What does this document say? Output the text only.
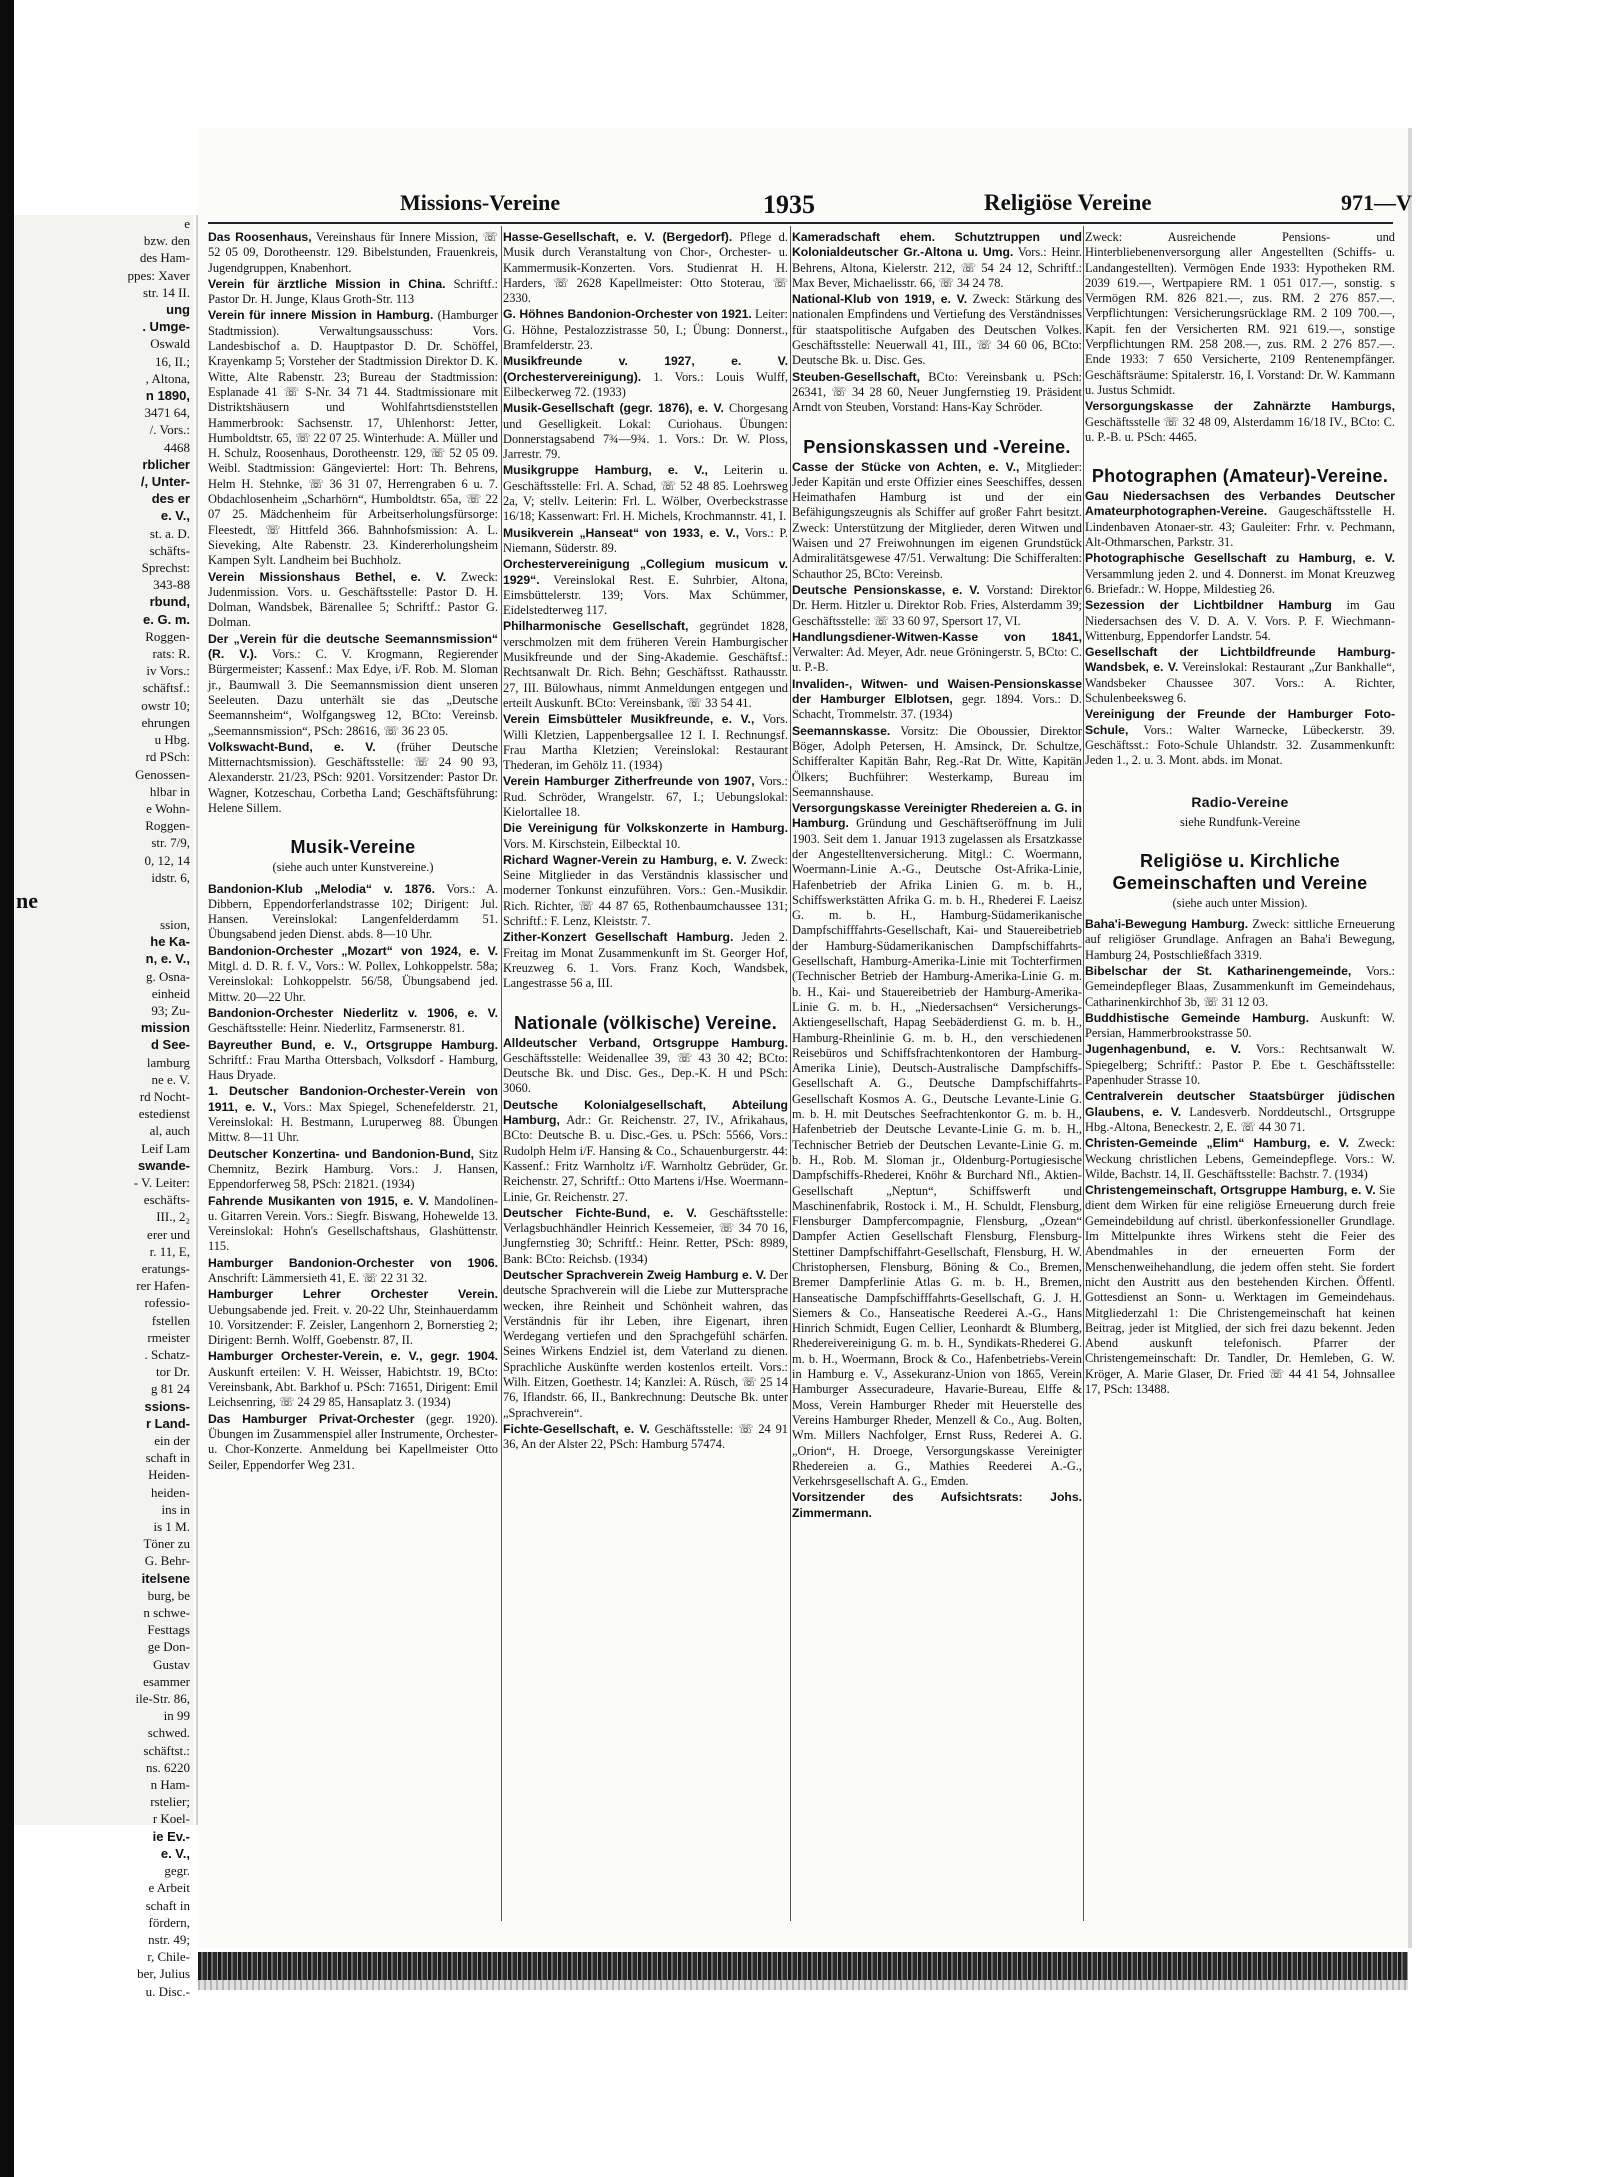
e
bzw. den
des Ham-
ppes: Xaver
str. 14 II.
ung
. Umge-
Oswald
16, II.;
, Altona,
n 1890,
3471 64,
/. Vors.:
4468
rblicher
/, Unter-
des er
e. V.,
st. a. D.
schäfts-
Sprechst:
343-88
rbund,
e. G. m.
Roggen-
rats: R.
iv Vors.:
schäftsf.:
owstr 10;
ehrungen
u Hbg.
rd PSch:
Genossen-
hlbar in
e Wohn-
Roggen-
str. 7/9,
0, 12, 14
idstr. 6,
ne
ssion,
he Ka-
n, e. V.,
g. Osna-
einheid
93; Zu-
mission
d See-
lamburg
ne e. V.
rd Nocht-
estedienst
al, auch
Leif Lam
swande-
- V. Leiter:
eschäfts-
III., 2₂
erer und
r. 11, E,
eratungs-
rer Hafen-
rofessio-
fstellen
rmeister
. Schatz-
tor Dr.
g 81 24
ssions-
r Land-
ein der
schaft in
Heiden-
heiden-
ins in
is 1 M.
Töner zu
G. Behr-
itelsene
burg, be
n schwe-
Festtags
ge Don-
Gustav
esammer
ile-Str. 86,
in 99
schwed.
schäftst.:
ns. 6220
n Ham-
rstelier;
r Koel-
ie Ev.-
e. V.,
gegr.
e Arbeit
schaft in
fördern,
nstr. 49;
r, Chile-
ber, Julius
u. Disc.-
Missions-Vereine	1935	Religiöse Vereine	971—V
Das Roosenhaus, Vereinshaus für Innere Mission, ☏ 52 05 09, Dorotheenstr. 129. Bibelstunden, Frauenkreis, Jugendgruppen, Knabenhort.
Verein für ärztliche Mission in China. Schriftf.: Pastor Dr. H. Junge, Klaus Groth-Str. 113
Verein für innere Mission in Hamburg. (Hamburger Stadtmission). Verwaltungsausschuss: Vors. Landesbischof a. D. Hauptpastor D. Dr. Schöffel, Krayenkamp 5; Vorsteher der Stadtmission Direktor D. K. Witte, Alte Rabenstr. 23; Bureau der Stadtmission: Esplanade 41 ☏ S-Nr. 34 71 44. Stadtmissionare mit Distriktshäusern und Wohlfahrtsdienststellen Hammerbrook: Sachsenstr. 17, Uhlenhorst: Jetter, Humboldtstr. 65, ☏ 22 07 25. Winterhude: A. Müller und H. Schulz, Roosenhaus, Dorotheenstr. 129, ☏ 52 05 09. Weibl. Stadtmission: Gängeviertel: Hort: Th. Behrens, Helm H. Stehnke, ☏ 36 31 07, Herrengraben 6 u. 7. Obdachlosenheim „Scharhörn“, Humboldtstr. 65a, ☏ 22 07 25. Mädchenheim für Arbeitserholungsfürsorge: Fleestedt, ☏ Hittfeld 366. Bahnhofsmission: A. L. Sieveking, Alte Rabenstr. 23. Kindererholungsheim Kampen Sylt. Landheim bei Buchholz.
Verein Missionshaus Bethel, e. V. Zweck: Judenmission. Vors. u. Geschäftsstelle: Pastor D. H. Dolman, Wandsbek, Bärenallee 5; Schriftf.: Pastor G. Dolman.
Der „Verein für die deutsche Seemannsmission“ (R. V.). Vors.: C. V. Krogmann, Regierender Bürgermeister; Kassenf.: Max Edye, i/F. Rob. M. Sloman jr., Baumwall 3. Die Seemannsmission dient unseren Seeleuten. Dazu unterhält sie das „Deutsche Seemannsheim“, Wolfgangsweg 12, BCto: Vereinsb. „Seemannsmission“, PSch: 28616, ☏ 36 23 05.
Volkswacht-Bund, e. V. (früher Deutsche Mitternachtsmission). Geschäftsstelle: ☏ 24 90 93, Alexanderstr. 21/23, PSch: 9201. Vorsitzender: Pastor Dr. Wagner, Kotzeschau, Corbetha Land; Geschäftsführung: Helene Sillem.
Musik-Vereine
(siehe auch unter Kunstvereine.)
Bandonion-Klub „Melodia“ v. 1876. Vors.: A. Dibbern, Eppendorferlandstrasse 102; Dirigent: Jul. Hansen. Vereinslokal: Langenfelderdamm 51. Übungsabend jeden Dienst. abds. 8—10 Uhr.
Bandonion-Orchester „Mozart“ von 1924, e. V. Mitgl. d. D. R. f. V., Vors.: W. Pollex, Lohkoppelstr. 58a; Vereinslokal: Lohkoppelstr. 56/58, Übungsabend jed. Mittw. 20—22 Uhr.
Bandonion-Orchester Niederlitz v. 1906, e. V. Geschäftsstelle: Heinr. Niederlitz, Farmsenerstr. 81.
Bayreuther Bund, e. V., Ortsgruppe Hamburg. Schriftf.: Frau Martha Ottersbach, Volksdorf - Hamburg, Haus Dryade.
1. Deutscher Bandonion-Orchester-Verein von 1911, e. V., Vors.: Max Spiegel, Schenefelderstr. 21, Vereinslokal: H. Bestmann, Luruperweg 88. Übungen Mittw. 8—11 Uhr.
Deutscher Konzertina- und Bandonion-Bund, Sitz Chemnitz, Bezirk Hamburg. Vors.: J. Hansen, Eppendorferweg 58, PSch: 21821. (1934)
Fahrende Musikanten von 1915, e. V. Mandolinen- u. Gitarren Verein. Vors.: Siegfr. Biswang, Hohewelde 13. Vereinslokal: Hohn's Gesellschaftshaus, Glashüttenstr. 115.
Hamburger Bandonion-Orchester von 1906. Anschrift: Lämmersieth 41, E. ☏ 22 31 32.
Hamburger Lehrer Orchester Verein. Uebungsabende jed. Freit. v. 20-22 Uhr, Steinhauerdamm 10. Vorsitzender: F. Zeisler, Langenhorn 2, Bornerstieg 2; Dirigent: Bernh. Wolff, Goebenstr. 87, II.
Hamburger Orchester-Verein, e. V., gegr. 1904. Auskunft erteilen: V. H. Weisser, Habichtstr. 19, BCto: Vereinsbank, Abt. Barkhof u. PSch: 71651, Dirigent: Emil Leichsenring, ☏ 24 29 85, Hansaplatz 3. (1934)
Das Hamburger Privat-Orchester (gegr. 1920). Übungen im Zusammenspiel aller Instrumente, Orchester- u. Chor-Konzerte. Anmeldung bei Kapellmeister Otto Seiler, Eppendorfer Weg 231.
Hasse-Gesellschaft, e. V. (Bergedorf). Pflege d. Musik durch Veranstaltung von Chor-, Orchester- u. Kammermusik-Konzerten. Vors. Studienrat H. H. Harders, ☏ 2628 Kapellmeister: Otto Stoterau, ☏ 2330.
G. Höhnes Bandonion-Orchester von 1921. Leiter: G. Höhne, Pestalozzistrasse 50, I.; Übung: Donnerst., Bramfelderstr. 23.
Musikfreunde v. 1927, e. V. (Orchestervereinigung). 1. Vors.: Louis Wulff, Eilbeckerweg 72. (1933)
Musik-Gesellschaft (gegr. 1876), e. V. Chorgesang und Geselligkeit. Lokal: Curiohaus. Übungen: Donnerstagsabend 7¾—9¾. 1. Vors.: Dr. W. Ploss, Jarrestr. 79.
Musikgruppe Hamburg, e. V., Leiterin u. Geschäftsstelle: Frl. A. Schad, ☏ 52 48 85. Loehrsweg 2a, V; stellv. Leiterin: Frl. L. Wölber, Overbeckstrasse 16/18; Kassenwart: Frl. H. Michels, Krochmannstr. 41, I.
Musikverein „Hanseat“ von 1933, e. V., Vors.: P. Niemann, Süderstr. 89.
Orchestervereinigung „Collegium musicum v. 1929“. Vereinslokal Rest. E. Suhrbier, Altona, Eimsbüttelerstr. 139; Vors. Max Schümmer, Eidelstedterweg 117.
Philharmonische Gesellschaft, gegründet 1828, verschmolzen mit dem früheren Verein Hamburgischer Musikfreunde und der Sing-Akademie. Geschäftsf.: Rechtsanwalt Dr. Rich. Behn; Geschäftsst. Rathausstr. 27, III. Bülowhaus, nimmt Anmeldungen entgegen und erteilt Auskunft. BCto: Vereinsbank, ☏ 33 54 41.
Verein Eimsbütteler Musikfreunde, e. V., Vors. Willi Kletzien, Lappenbergsallee 12 I. I. Rechnungsf. Frau Martha Kletzien; Vereinslokal: Restaurant Thederan, im Gehölz 11. (1934)
Verein Hamburger Zitherfreunde von 1907, Vors.: Rud. Schröder, Wrangelstr. 67, I.; Uebungslokal: Kielortallee 18.
Die Vereinigung für Volkskonzerte in Hamburg. Vors. M. Kirschstein, Eilbecktal 10.
Richard Wagner-Verein zu Hamburg, e. V. Zweck: Seine Mitglieder in das Verständnis klassischer und moderner Tonkunst einzuführen. Vors.: Gen.-Musikdir. Rich. Richter, ☏ 44 87 65, Rothenbaumchaussee 131; Schriftf.: F. Lenz, Kleiststr. 7.
Zither-Konzert Gesellschaft Hamburg. Jeden 2. Freitag im Monat Zusammenkunft im St. Georger Hof, Kreuzweg 6. 1. Vors. Franz Koch, Wandsbek, Langestrasse 56 a, III.
Nationale (völkische) Vereine.
Alldeutscher Verband, Ortsgruppe Hamburg. Geschäftsstelle: Weidenallee 39, ☏ 43 30 42; BCto: Deutsche Bk. und Disc. Ges., Dep.-K. H und PSch: 3060.
Deutsche Kolonialgesellschaft, Abteilung Hamburg, Adr.: Gr. Reichenstr. 27, IV., Afrikahaus, BCto: Deutsche B. u. Disc.-Ges. u. PSch: 5566, Vors.: Rudolph Helm i/F. Hansing & Co., Schauenburgerstr. 44: Kassenf.: Fritz Warnholtz i/F. Warnholtz Gebrüder, Gr. Reichenstr. 27, Schriftf.: Otto Martens i/Hse. Woermann-Linie, Gr. Reichenstr. 27.
Deutscher Fichte-Bund, e. V. Geschäftsstelle: Verlagsbuchhändler Heinrich Kessemeier, ☏ 34 70 16, Jungfernstieg 30; Schriftf.: Heinr. Retter, PSch: 8989, Bank: BCto: Reichsb. (1934)
Deutscher Sprachverein Zweig Hamburg e. V. Der deutsche Sprachverein will die Liebe zur Muttersprache wecken, ihre Reinheit und Schönheit wahren, das Verständnis für ihr Leben, ihre Eigenart, ihren Werdegang vertiefen und den Sprachgefühl schärfen. Seines Wirkens Endziel ist, dem Vaterland zu dienen. Sprachliche Auskünfte werden kostenlos erteilt. Vors.: Wilh. Eitzen, Goethestr. 14; Kanzlei: A. Rüsch, ☏ 25 14 76, Iflandstr. 66, II., Bankrechnung: Deutsche Bk. unter „Sprachverein“.
Fichte-Gesellschaft, e. V. Geschäftsstelle: ☏ 24 91 36, An der Alster 22, PSch: Hamburg 57474.
Kameradschaft ehem. Schutztruppen und Kolonialdeutscher Gr.-Altona u. Umg. Vors.: Heinr. Behrens, Altona, Kielerstr. 212, ☏ 54 24 12, Schriftf.: Max Bever, Michaelisstr. 66, ☏ 34 24 78.
National-Klub von 1919, e. V. Zweck: Stärkung des nationalen Empfindens und Vertiefung des Verständnisses für staatspolitische Aufgaben des Deutschen Volkes. Geschäftsstelle: Neuerwall 41, III., ☏ 34 60 06, BCto: Deutsche Bk. u. Disc. Ges.
Steuben-Gesellschaft, BCto: Vereinsbank u. PSch: 26341, ☏ 34 28 60, Neuer Jungfernstieg 19. Präsident Arndt von Steuben, Vorstand: Hans-Kay Schröder.
Pensionskassen und -Vereine.
Casse der Stücke von Achten, e. V., Mitglieder: Jeder Kapitän und erste Offizier eines Seeschiffes, dessen Heimathafen Hamburg ist und der ein Befähigungszeugnis als Schiffer auf großer Fahrt besitzt. Zweck: Unterstützung der Mitglieder, deren Witwen und Waisen und 27 Freiwohnungen im eigenen Grundstück Admiralitätsgewese 47/51. Verwaltung: Die Schifferalten: Schauthor 25, BCto: Vereinsb.
Deutsche Pensionskasse, e. V. Vorstand: Direktor Dr. Herm. Hitzler u. Direktor Rob. Fries, Alsterdamm 39; Geschäftsstelle: ☏ 33 60 97, Spersort 17, VI.
Handlungsdiener-Witwen-Kasse von 1841, Verwalter: Ad. Meyer, Adr. neue Gröningerstr. 5, BCto: C. u. P.-B.
Invaliden-, Witwen- und Waisen-Pensionskasse der Hamburger Elblotsen, gegr. 1894. Vors.: D. Schacht, Trommelstr. 37. (1934)
Seemannskasse. Vorsitz: Die Oboussier, Direktor Böger, Adolph Petersen, H. Amsinck, Dr. Schultze, Schifferalter Kapitän Bahr, Reg.-Rat Dr. Witte, Kapitän Ölkers; Buchführer: Westerkamp, Bureau im Seemannshause.
Versorgungskasse Vereinigter Rhedereien a. G. in Hamburg. Gründung und Geschäftseröffnung im Juli 1903. Seit dem 1. Januar 1913 zugelassen als Ersatzkasse der Angestelltenversicherung. Mitgl.: C. Woermann, Woermann-Linie A.-G., Deutsche Ost-Afrika-Linie, Hafenbetrieb der Afrika Linien G. m. b. H., Schiffswerkstätten Afrika G. m. b. H., Rhederei F. Laeisz G. m. b. H., Hamburg-Südamerikanische Dampfschifffahrts-Gesellschaft, Kai- und Stauereibetrieb der Hamburg-Südamerikanischen Dampfschiffahrts-Gesellschaft, Hamburg-Amerika-Linie mit Tochterfirmen (Technischer Betrieb der Hamburg-Amerika-Linie G. m. b. H., Kai- und Stauereibetrieb der Hamburg-Amerika-Linie G. m. b. H., „Niedersachsen“ Versicherungs-Aktiengesellschaft, Hapag Seebäderdienst G. m. b. H., Hamburg-Rheinlinie G. m. b. H., den verschiedenen Reisebüros und Schiffsfrachtenkontoren der Hamburg-Amerika Linie), Deutsch-Australische Dampfschiffs-Gesellschaft A. G., Deutsche Dampfschiffahrts-Gesellschaft Kosmos A. G., Deutsche Levante-Linie G. m. b. H. mit Deutsches Seefrachtenkontor G. m. b. H., Hafenbetrieb der Deutsche Levante-Linie G. m. b. H., Technischer Betrieb der Deutschen Levante-Linie G. m. b. H., Rob. M. Sloman jr., Oldenburg-Portugiesische Dampfschiffs-Rhederei, Knöhr & Burchard Nfl., Aktien-Gesellschaft „Neptun“, Schiffswerft und Maschinenfabrik, Rostock i. M., H. Schuldt, Flensburg, Flensburger Dampfercompagnie, Flensburg, „Ozean“ Dampfer Actien Gesellschaft Flensburg, Flensburg-Stettiner Dampfschiffahrt-Gesellschaft, Flensburg, H. W. Christophersen, Flensburg, Böning & Co., Bremen, Bremer Dampferlinie Atlas G. m. b. H., Bremen, Hanseatische Dampfschifffahrts-Gesellschaft, G. J. H. Siemers & Co., Hanseatische Reederei A.-G., Hans Hinrich Schmidt, Eugen Cellier, Leonhardt & Blumberg, Rhedereivereinigung G. m. b. H., Syndikats-Rhederei G. m. b. H., Woermann, Brock & Co., Hafenbetriebs-Verein in Hamburg e. V., Assekuranz-Union von 1865, Verein Hamburger Assecuradeure, Havarie-Bureau, Elffe & Moss, Verein Hamburger Rheder mit Heuerstelle des Vereins Hamburger Rheder, Menzell & Co., Aug. Bolten, Wm. Millers Nachfolger, Ernst Russ, Rederei A. G. „Orion“, H. Droege, Versorgungskasse Vereinigter Rhedereien a. G., Mathies Reederei A.-G., Verkehrsgesellschaft A. G., Emden.
Vorsitzender des Aufsichtsrats: Johs. Zimmermann.
Zweck: Ausreichende Pensions- und Hinterbliebenenversorgung aller Angestellten (Schiffs- u. Landangestellten). Vermögen Ende 1933: Hypotheken RM. 2039 619.—, Wertpapiere RM. 1 051 017.—, sonstig. s Vermögen RM. 826 821.—, zus. RM. 2 276 857.—. Verpflichtungen: Versicherungsrücklage RM. 2 109 700.—, Kapit. fen der Versicherten RM. 921 619.—, sonstige Verpflichtungen RM. 258 208.—, zus. RM. 2 276 857.—. Ende 1933: 7 650 Versicherte, 2109 Rentenempfänger. Geschäftsräume: Spitalerstr. 16, I. Vorstand: Dr. W. Kammann u. Justus Schmidt.
Versorgungskasse der Zahnärzte Hamburgs, Geschäftsstelle ☏ 32 48 09, Alsterdamm 16/18 IV., BCto: C. u. P.-B. u. PSch: 4465.
Photographen (Amateur)-Vereine.
Gau Niedersachsen des Verbandes Deutscher Amateurphotographen-Vereine. Gaugeschäftsstelle H. Lindenbaven Atonaer-str. 43; Gauleiter: Frhr. v. Pechmann, Alt-Othmarschen, Parkstr. 31.
Photographische Gesellschaft zu Hamburg, e. V. Versammlung jeden 2. und 4. Donnerst. im Monat Kreuzweg 6. Briefadr.: W. Hoppe, Mildestieg 26.
Sezession der Lichtbildner Hamburg im Gau Niedersachsen des V. D. A. V. Vors. P. F. Wiechmann-Wittenburg, Eppendorfer Landstr. 54.
Gesellschaft der Lichtbildfreunde Hamburg-Wandsbek, e. V. Vereinslokal: Restaurant „Zur Bankhalle“, Wandsbeker Chaussee 307. Vors.: A. Richter, Schulenbeeksweg 6.
Vereinigung der Freunde der Hamburger Foto-Schule, Vors.: Walter Warnecke, Lübeckerstr. 39. Geschäftsst.: Foto-Schule Uhlandstr. 32. Zusammenkunft: Jeden 1., 2. u. 3. Mont. abds. im Monat.
Radio-Vereine
siehe Rundfunk-Vereine
Religiöse u. Kirchliche Gemeinschaften und Vereine
(siehe auch unter Mission).
Baha'i-Bewegung Hamburg. Zweck: sittliche Erneuerung auf religiöser Grundlage. Anfragen an Baha'i Bewegung, Hamburg 24, Postschließfach 3319.
Bibelschar der St. Katharinengemeinde, Vors.: Gemeindepfleger Blaas, Zusammenkunft im Gemeindehaus, Catharinenkirchhof 3b, ☏ 31 12 03.
Buddhistische Gemeinde Hamburg. Auskunft: W. Persian, Hammerbrookstrasse 50.
Jugenhagenbund, e. V. Vors.: Rechtsanwalt W. Spiegelberg; Schriftf.: Pastor P. Ebe t. Geschäftsstelle: Papenhuder Strasse 10.
Centralverein deutscher Staatsbürger jüdischen Glaubens, e. V. Landesverb. Norddeutschl., Ortsgruppe Hbg.-Altona, Beneckestr. 2, E. ☏ 44 30 71.
Christen-Gemeinde „Elim“ Hamburg, e. V. Zweck: Weckung christlichen Lebens, Gemeindepflege. Vors.: W. Wilde, Bachstr. 14, II. Geschäftsstelle: Bachstr. 7. (1934)
Christengemeinschaft, Ortsgruppe Hamburg, e. V. Sie dient dem Wirken für eine religiöse Erneuerung durch freie Gemeindebildung auf christl. überkonfessioneller Grundlage. Im Mittelpunkte ihres Wirkens steht die Feier des Abendmahles in der erneuerten Form der Menschenweihehandlung, die jedem offen steht. Sie fordert nicht den Austritt aus den bestehenden Kirchen. Öffentl. Gottesdienst an Sonn- u. Werktagen im Gemeindehaus. Mitgliederzahl 1: Die Christengemeinschaft hat keinen Beitrag, jeder ist Mitglied, der sich frei dazu bekennt. Jeden Abend auskunft telefonisch. Pfarrer der Christengemeinschaft: Dr. Tandler, Dr. Hemleben, G. W. Kröger, A. Marie Glaser, Dr. Fried ☏ 44 41 54, Johnsallee 17, PSch: 13488.
